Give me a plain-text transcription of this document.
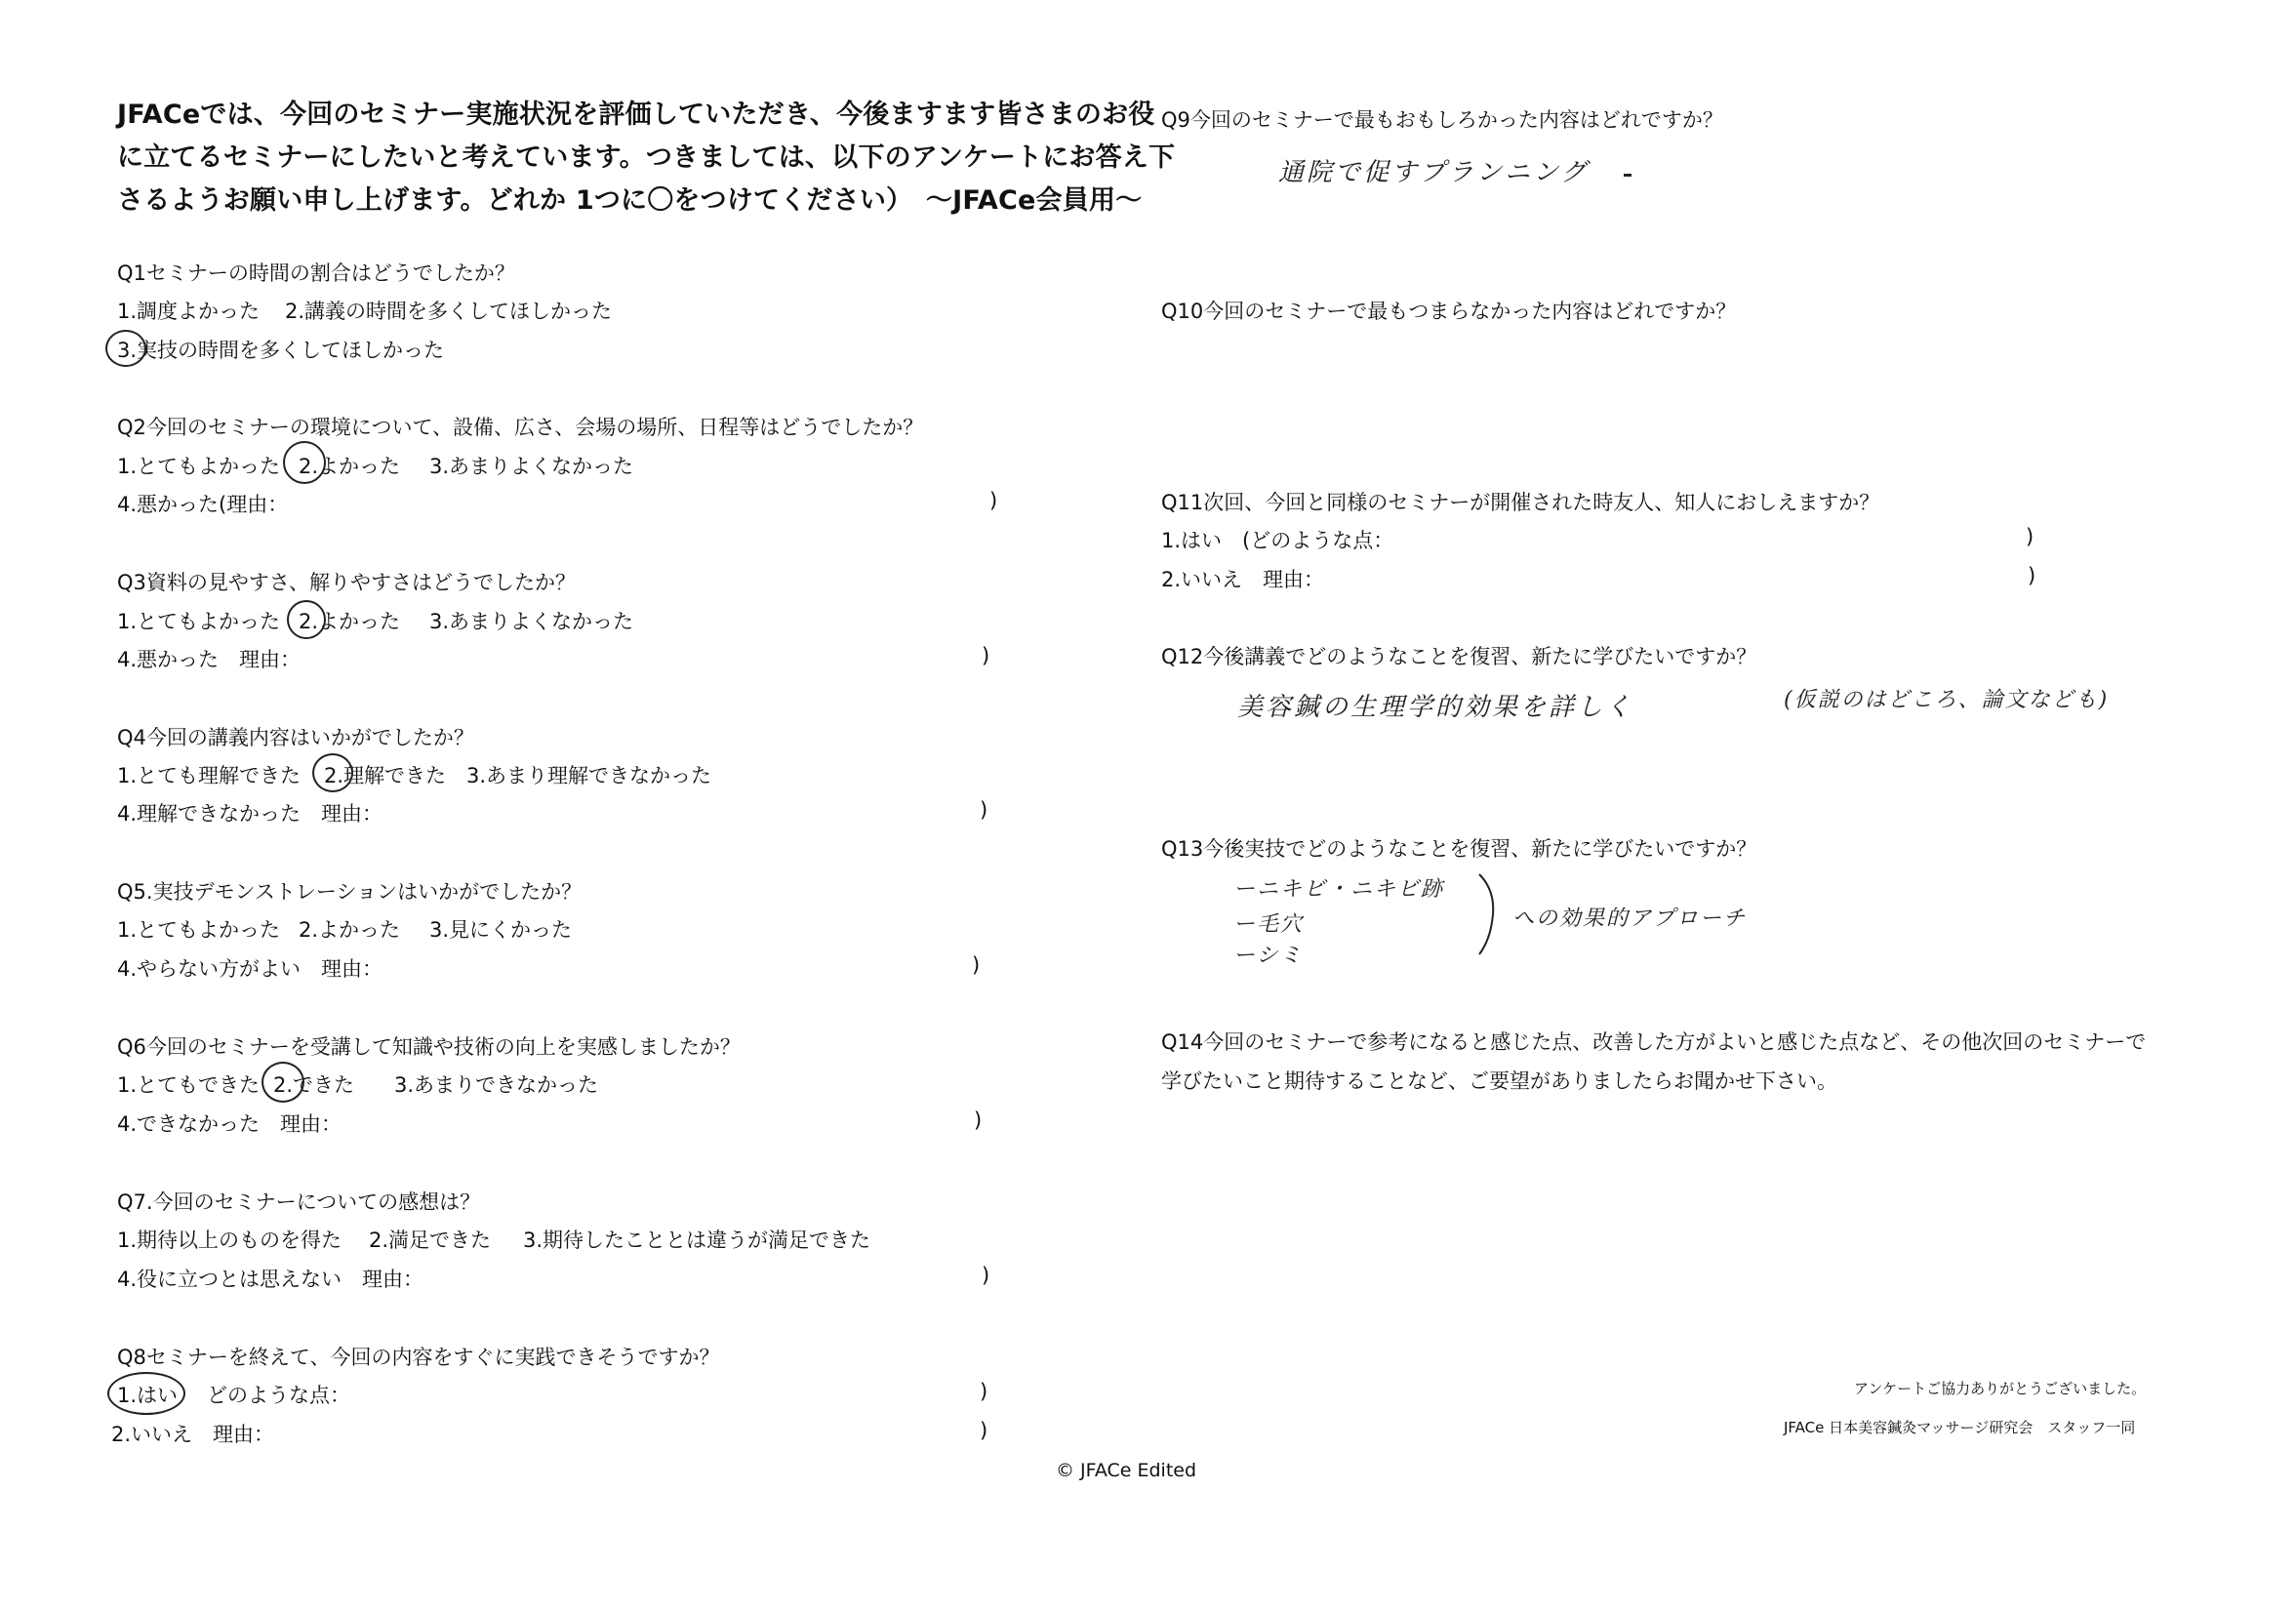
JFACeでは、今回のセミナー実施状況を評価していただき、今後ますます皆さまのお役
に立てるセミナーにしたいと考えています。つきましては、以下のアンケートにお答え下
さるようお願い申し上げます。どれか 1つに〇をつけてください）　～JFACe会員用～
Q1セミナーの時間の割合はどうでしたか？
1.調度よかった 2.講義の時間を多くしてほしかった
3.実技の時間を多くしてほしかった
Q2今回のセミナーの環境について、設備、広さ、会場の場所、日程等はどうでしたか？
1.とてもよかった 2.よかった 3.あまりよくなかった
4.悪かった(理由：	)
Q3資料の見やすさ、解りやすさはどうでしたか？
1.とてもよかった 2.よかった 3.あまりよくなかった
4.悪かった　理由：	)
Q4今回の講義内容はいかがでしたか？
1.とても理解できた 2.理解できた 3.あまり理解できなかった
4.理解できなかった　理由：	)
Q5.実技デモンストレーションはいかがでしたか？
1.とてもよかった 2.よかった 3.見にくかった
4.やらない方がよい　理由：	)
Q6今回のセミナーを受講して知識や技術の向上を実感しましたか？
1.とてもできた 2.できた 3.あまりできなかった
4.できなかった　理由：	)
Q7.今回のセミナーについての感想は？
1.期待以上のものを得た 2.満足できた 3.期待したこととは違うが満足できた
4.役に立つとは思えない　理由：	)
Q8セミナーを終えて、今回の内容をすぐに実践できそうですか？
1.はい どのような点：	)
2.いいえ　理由：	)
Q9今回のセミナーで最もおもしろかった内容はどれですか？
通院で促すプランニング
Q10今回のセミナーで最もつまらなかった内容はどれですか？
Q11次回、今回と同様のセミナーが開催された時友人、知人におしえますか？
1.はい　(どのような点：	)
2.いいえ　理由：	)
Q12今後講義でどのようなことを復習、新たに学びたいですか？
美容鍼の生理学的効果を詳しく	(仮説のはどころ、論文なども)
Q13今後実技でどのようなことを復習、新たに学びたいですか？
ーニキビ・ニキビ跡
ー毛穴
ーシミ
への効果的アプローチ
Q14今回のセミナーで参考になると感じた点、改善した方がよいと感じた点など、その他次回のセミナーで
学びたいこと期待することなど、ご要望がありましたらお聞かせ下さい。
アンケートご協力ありがとうございました。
JFACe 日本美容鍼灸マッサージ研究会　スタッフ一同
© JFACe Edited
